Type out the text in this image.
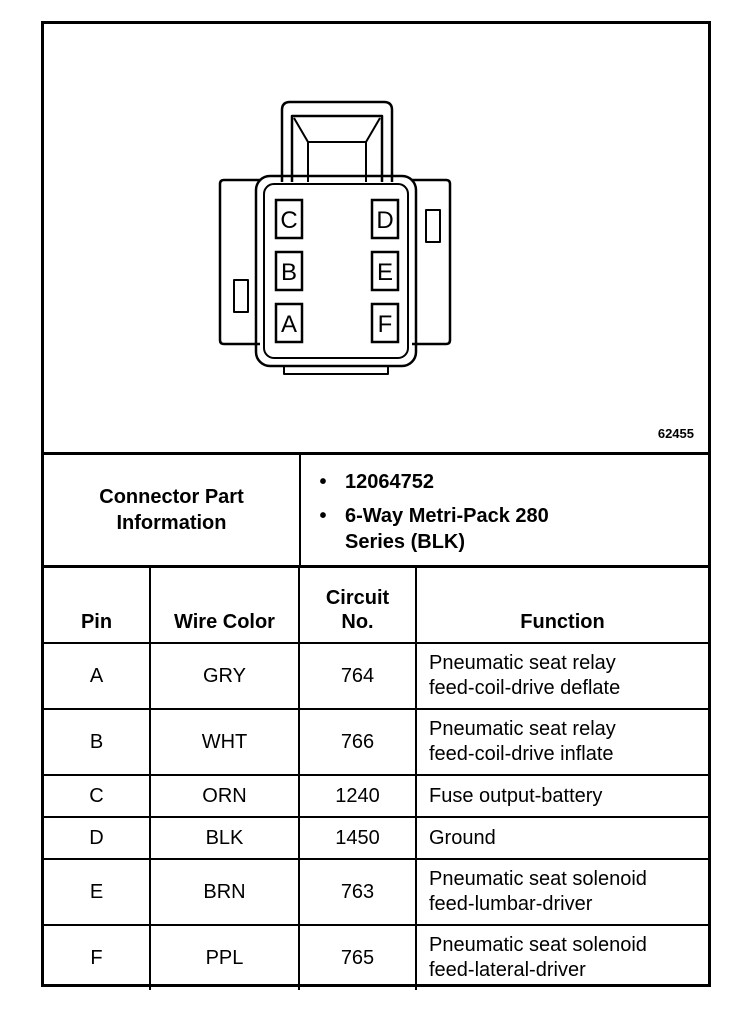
C
B
A
D
E
F
62455
Connector Part
Information
• 12064752
• 6-Way Metri-Pack 280
Series (BLK)
Pin	Wire Color	Circuit
No.	Function
A	GRY	764	Pneumatic seat relay
feed-coil-drive deflate
B	WHT	766	Pneumatic seat relay
feed-coil-drive inflate
C	ORN	1240	Fuse output-battery
D	BLK	1450	Ground
E	BRN	763	Pneumatic seat solenoid
feed-lumbar-driver
F	PPL	765	Pneumatic seat solenoid
feed-lateral-driver
